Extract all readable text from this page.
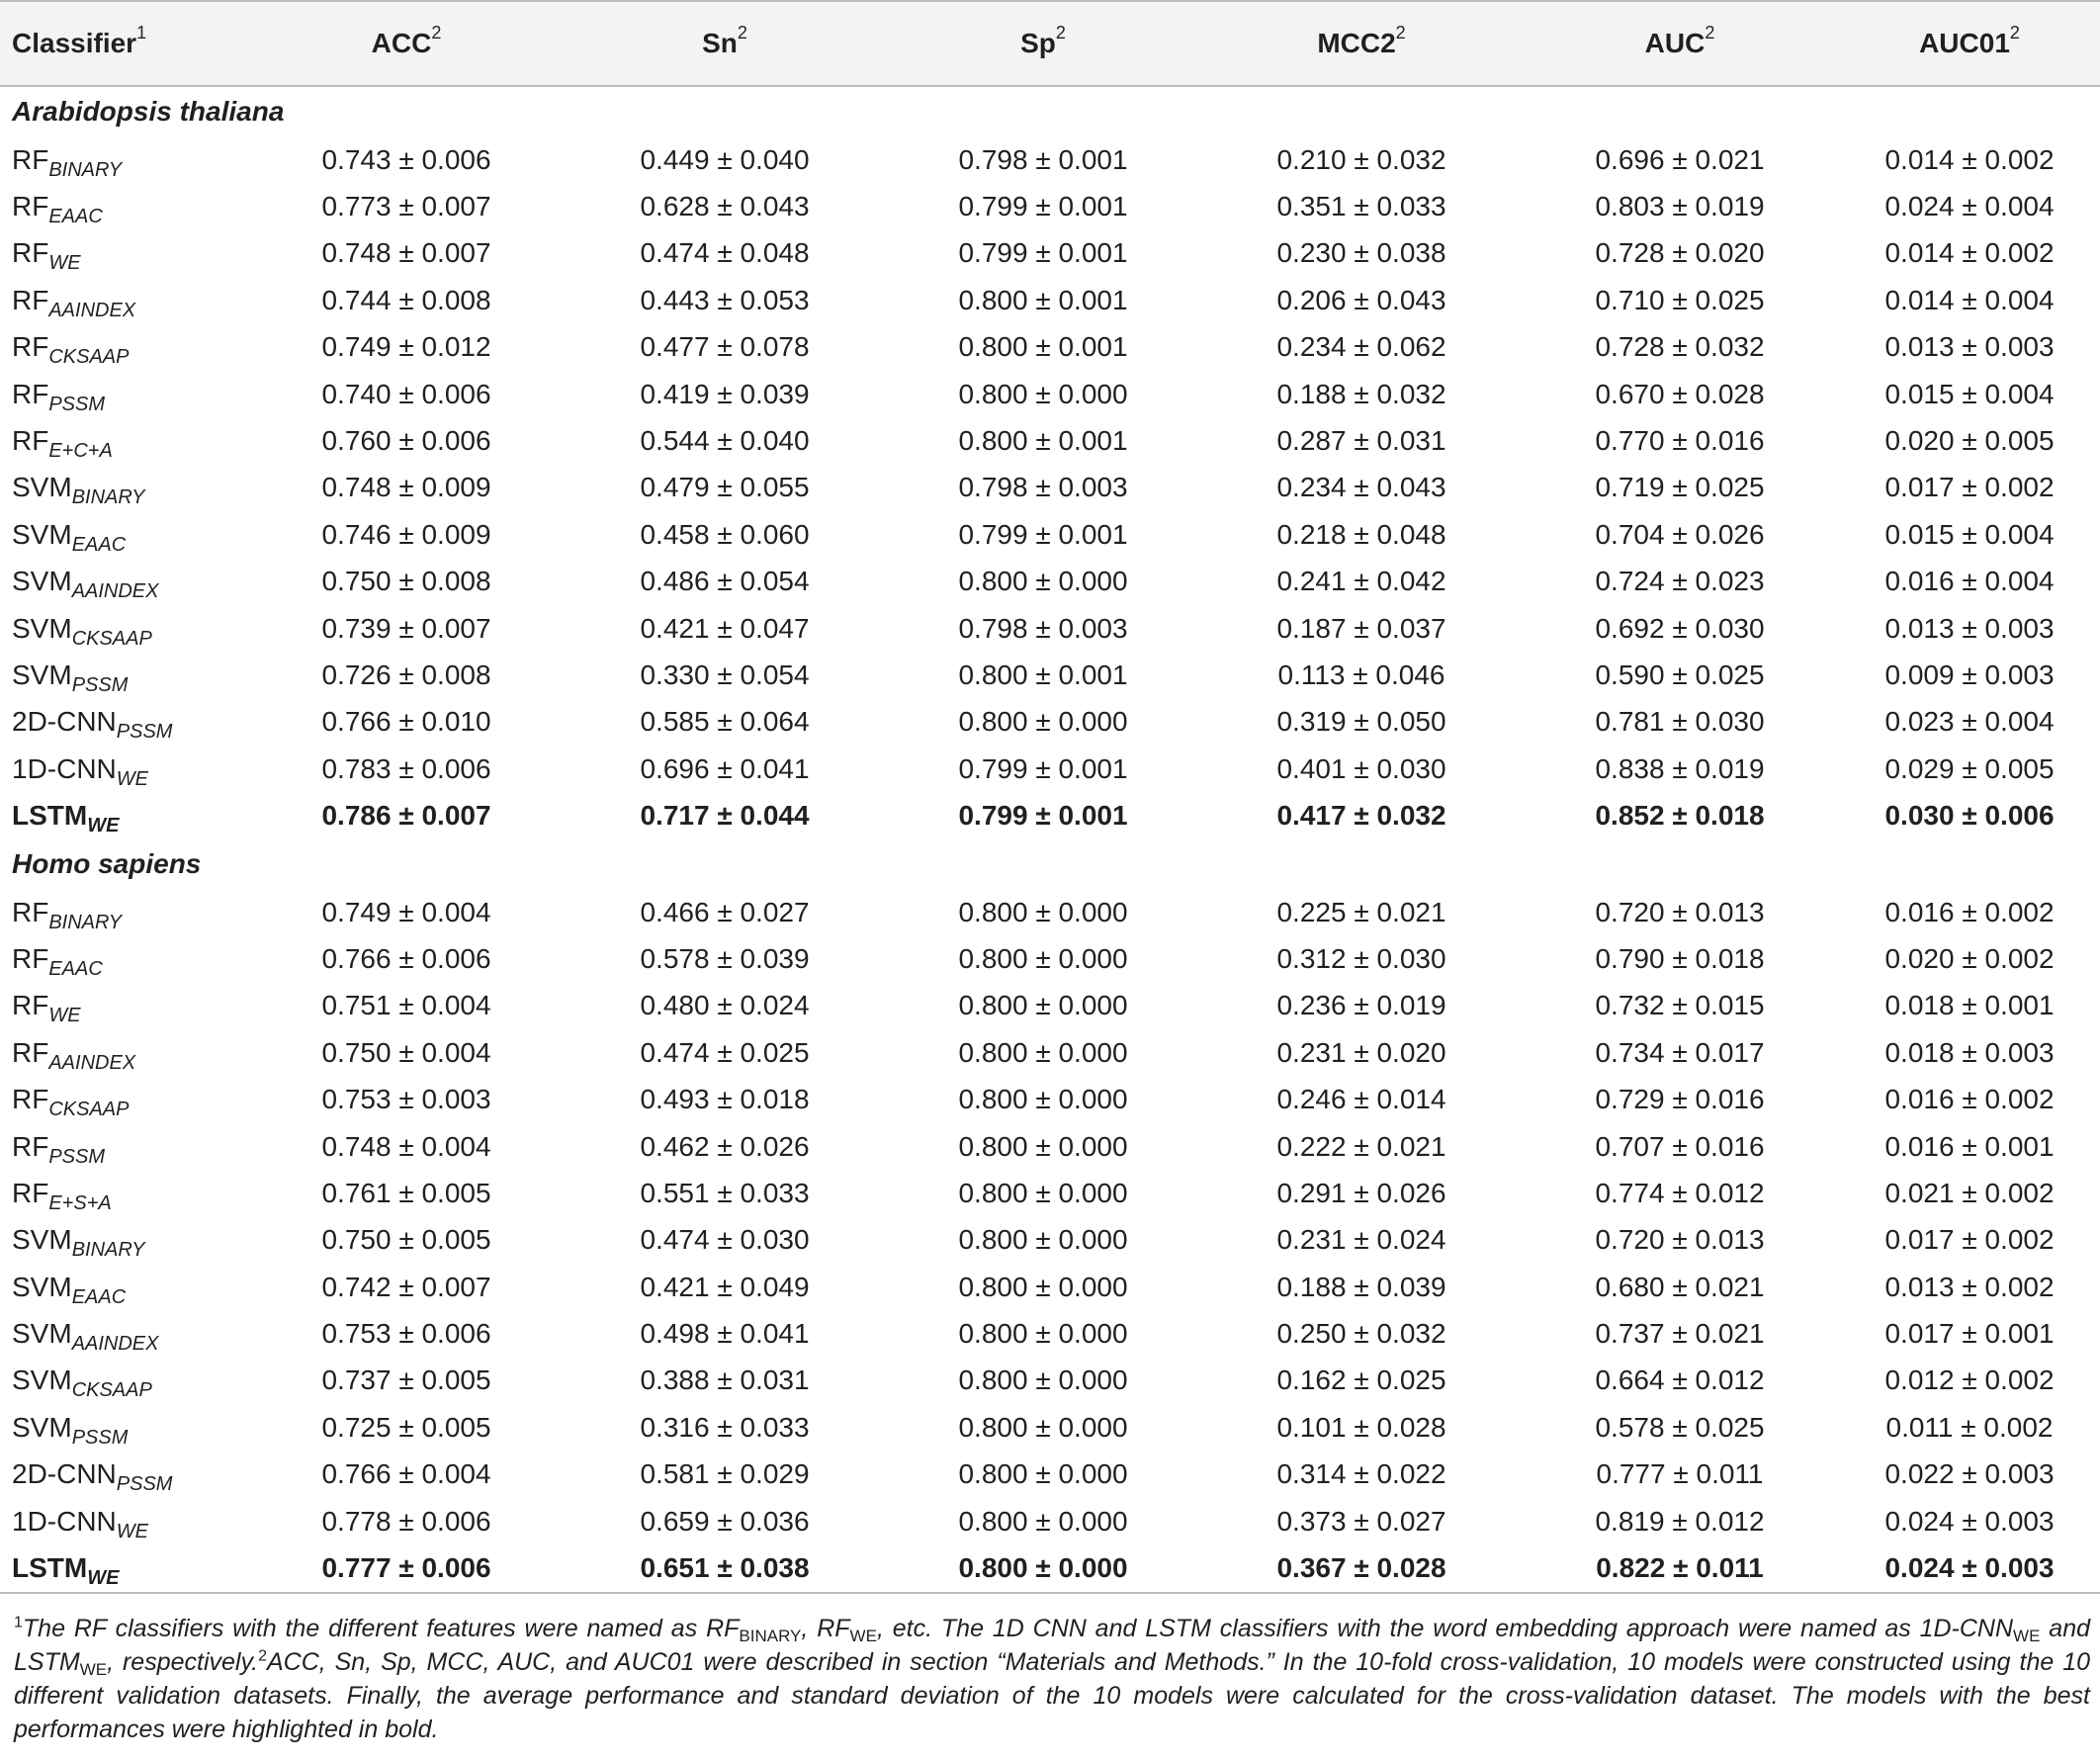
Classifier$^1$	ACC$^2$	Sn$^2$	Sp$^2$	$MCC2^2$	AUC$^2$	$AUC01^2$
Arabidopsis thaliana						
$RF_{BINARY}$	0.743 ± 0.006	0.449 ± 0.040	0.798 ± 0.001	0.210 ± 0.032	0.696 ± 0.021	0.014 ± 0.002
$RF_{EAAC}$	0.773 ± 0.007	0.628 ± 0.043	0.799 ± 0.001	0.351 ± 0.033	0.803 ± 0.019	0.024 ± 0.004
$RF_{WE}$	0.748 ± 0.007	0.474 ± 0.048	0.799 ± 0.001	0.230 ± 0.038	0.728 ± 0.020	0.014 ± 0.002
$RF_{AAINDEX}$	0.744 ± 0.008	0.443 ± 0.053	0.800 ± 0.001	0.206 ± 0.043	0.710 ± 0.025	0.014 ± 0.004
$RF_{CKSAAP}$	0.749 ± 0.012	0.477 ± 0.078	0.800 ± 0.001	0.234 ± 0.062	0.728 ± 0.032	0.013 ± 0.003
$RF_{PSSM}$	0.740 ± 0.006	0.419 ± 0.039	0.800 ± 0.000	0.188 ± 0.032	0.670 ± 0.028	0.015 ± 0.004
$RF_{E+C+A}$	0.760 ± 0.006	0.544 ± 0.040	0.800 ± 0.001	0.287 ± 0.031	0.770 ± 0.016	0.020 ± 0.005
$SVM_{BINARY}$	0.748 ± 0.009	0.479 ± 0.055	0.798 ± 0.003	0.234 ± 0.043	0.719 ± 0.025	0.017 ± 0.002
$SVM_{EAAC}$	0.746 ± 0.009	0.458 ± 0.060	0.799 ± 0.001	0.218 ± 0.048	0.704 ± 0.026	0.015 ± 0.004
$SVM_{AAINDEX}$	0.750 ± 0.008	0.486 ± 0.054	0.800 ± 0.000	0.241 ± 0.042	0.724 ± 0.023	0.016 ± 0.004
$SVM_{CKSAAP}$	0.739 ± 0.007	0.421 ± 0.047	0.798 ± 0.003	0.187 ± 0.037	0.692 ± 0.030	0.013 ± 0.003
$SVM_{PSSM}$	0.726 ± 0.008	0.330 ± 0.054	0.800 ± 0.001	0.113 ± 0.046	0.590 ± 0.025	0.009 ± 0.003
$2D-CNN_{PSSM}$	0.766 ± 0.010	0.585 ± 0.064	0.800 ± 0.000	0.319 ± 0.050	0.781 ± 0.030	0.023 ± 0.004
$1D-CNN_{WE}$	0.783 ± 0.006	0.696 ± 0.041	0.799 ± 0.001	0.401 ± 0.030	0.838 ± 0.019	0.029 ± 0.005
$LSTM_{WE}$	0.786 ± 0.007	0.717 ± 0.044	0.799 ± 0.001	0.417 ± 0.032	0.852 ± 0.018	0.030 ± 0.006
Homo sapiens						
$RF_{BINARY}$	0.749 ± 0.004	0.466 ± 0.027	0.800 ± 0.000	0.225 ± 0.021	0.720 ± 0.013	0.016 ± 0.002
$RF_{EAAC}$	0.766 ± 0.006	0.578 ± 0.039	0.800 ± 0.000	0.312 ± 0.030	0.790 ± 0.018	0.020 ± 0.002
$RF_{WE}$	0.751 ± 0.004	0.480 ± 0.024	0.800 ± 0.000	0.236 ± 0.019	0.732 ± 0.015	0.018 ± 0.001
$RF_{AAINDEX}$	0.750 ± 0.004	0.474 ± 0.025	0.800 ± 0.000	0.231 ± 0.020	0.734 ± 0.017	0.018 ± 0.003
$RF_{CKSAAP}$	0.753 ± 0.003	0.493 ± 0.018	0.800 ± 0.000	0.246 ± 0.014	0.729 ± 0.016	0.016 ± 0.002
$RF_{PSSM}$	0.748 ± 0.004	0.462 ± 0.026	0.800 ± 0.000	0.222 ± 0.021	0.707 ± 0.016	0.016 ± 0.001
$RF_{E+S+A}$	0.761 ± 0.005	0.551 ± 0.033	0.800 ± 0.000	0.291 ± 0.026	0.774 ± 0.012	0.021 ± 0.002
$SVM_{BINARY}$	0.750 ± 0.005	0.474 ± 0.030	0.800 ± 0.000	0.231 ± 0.024	0.720 ± 0.013	0.017 ± 0.002
$SVM_{EAAC}$	0.742 ± 0.007	0.421 ± 0.049	0.800 ± 0.000	0.188 ± 0.039	0.680 ± 0.021	0.013 ± 0.002
$SVM_{AAINDEX}$	0.753 ± 0.006	0.498 ± 0.041	0.800 ± 0.000	0.250 ± 0.032	0.737 ± 0.021	0.017 ± 0.001
$SVM_{CKSAAP}$	0.737 ± 0.005	0.388 ± 0.031	0.800 ± 0.000	0.162 ± 0.025	0.664 ± 0.012	0.012 ± 0.002
$SVM_{PSSM}$	0.725 ± 0.005	0.316 ± 0.033	0.800 ± 0.000	0.101 ± 0.028	0.578 ± 0.025	0.011 ± 0.002
$2D-CNN_{PSSM}$	0.766 ± 0.004	0.581 ± 0.029	0.800 ± 0.000	0.314 ± 0.022	0.777 ± 0.011	0.022 ± 0.003
$1D-CNN_{WE}$	0.778 ± 0.006	0.659 ± 0.036	0.800 ± 0.000	0.373 ± 0.027	0.819 ± 0.012	0.024 ± 0.003
$LSTM_{WE}$	0.777 ± 0.006	0.651 ± 0.038	0.800 ± 0.000	0.367 ± 0.028	0.822 ± 0.011	0.024 ± 0.003
$^1$The RF classifiers with the different features were named as $RF_{BINARY}$, $RF_{WE}$, etc. The 1D CNN and LSTM classifiers with the word embedding approach were named as $1D-CNN_{WE}$ and $LSTM_{WE}$, respectively.$^2$ACC, Sn, Sp, MCC, AUC, and AUC01 were described in section “Materials and Methods.” In the 10-fold cross-validation, 10 models were constructed using the 10 different validation datasets. Finally, the average performance and standard deviation of the 10 models were calculated for the cross-validation dataset. The models with the best performances were highlighted in bold.
